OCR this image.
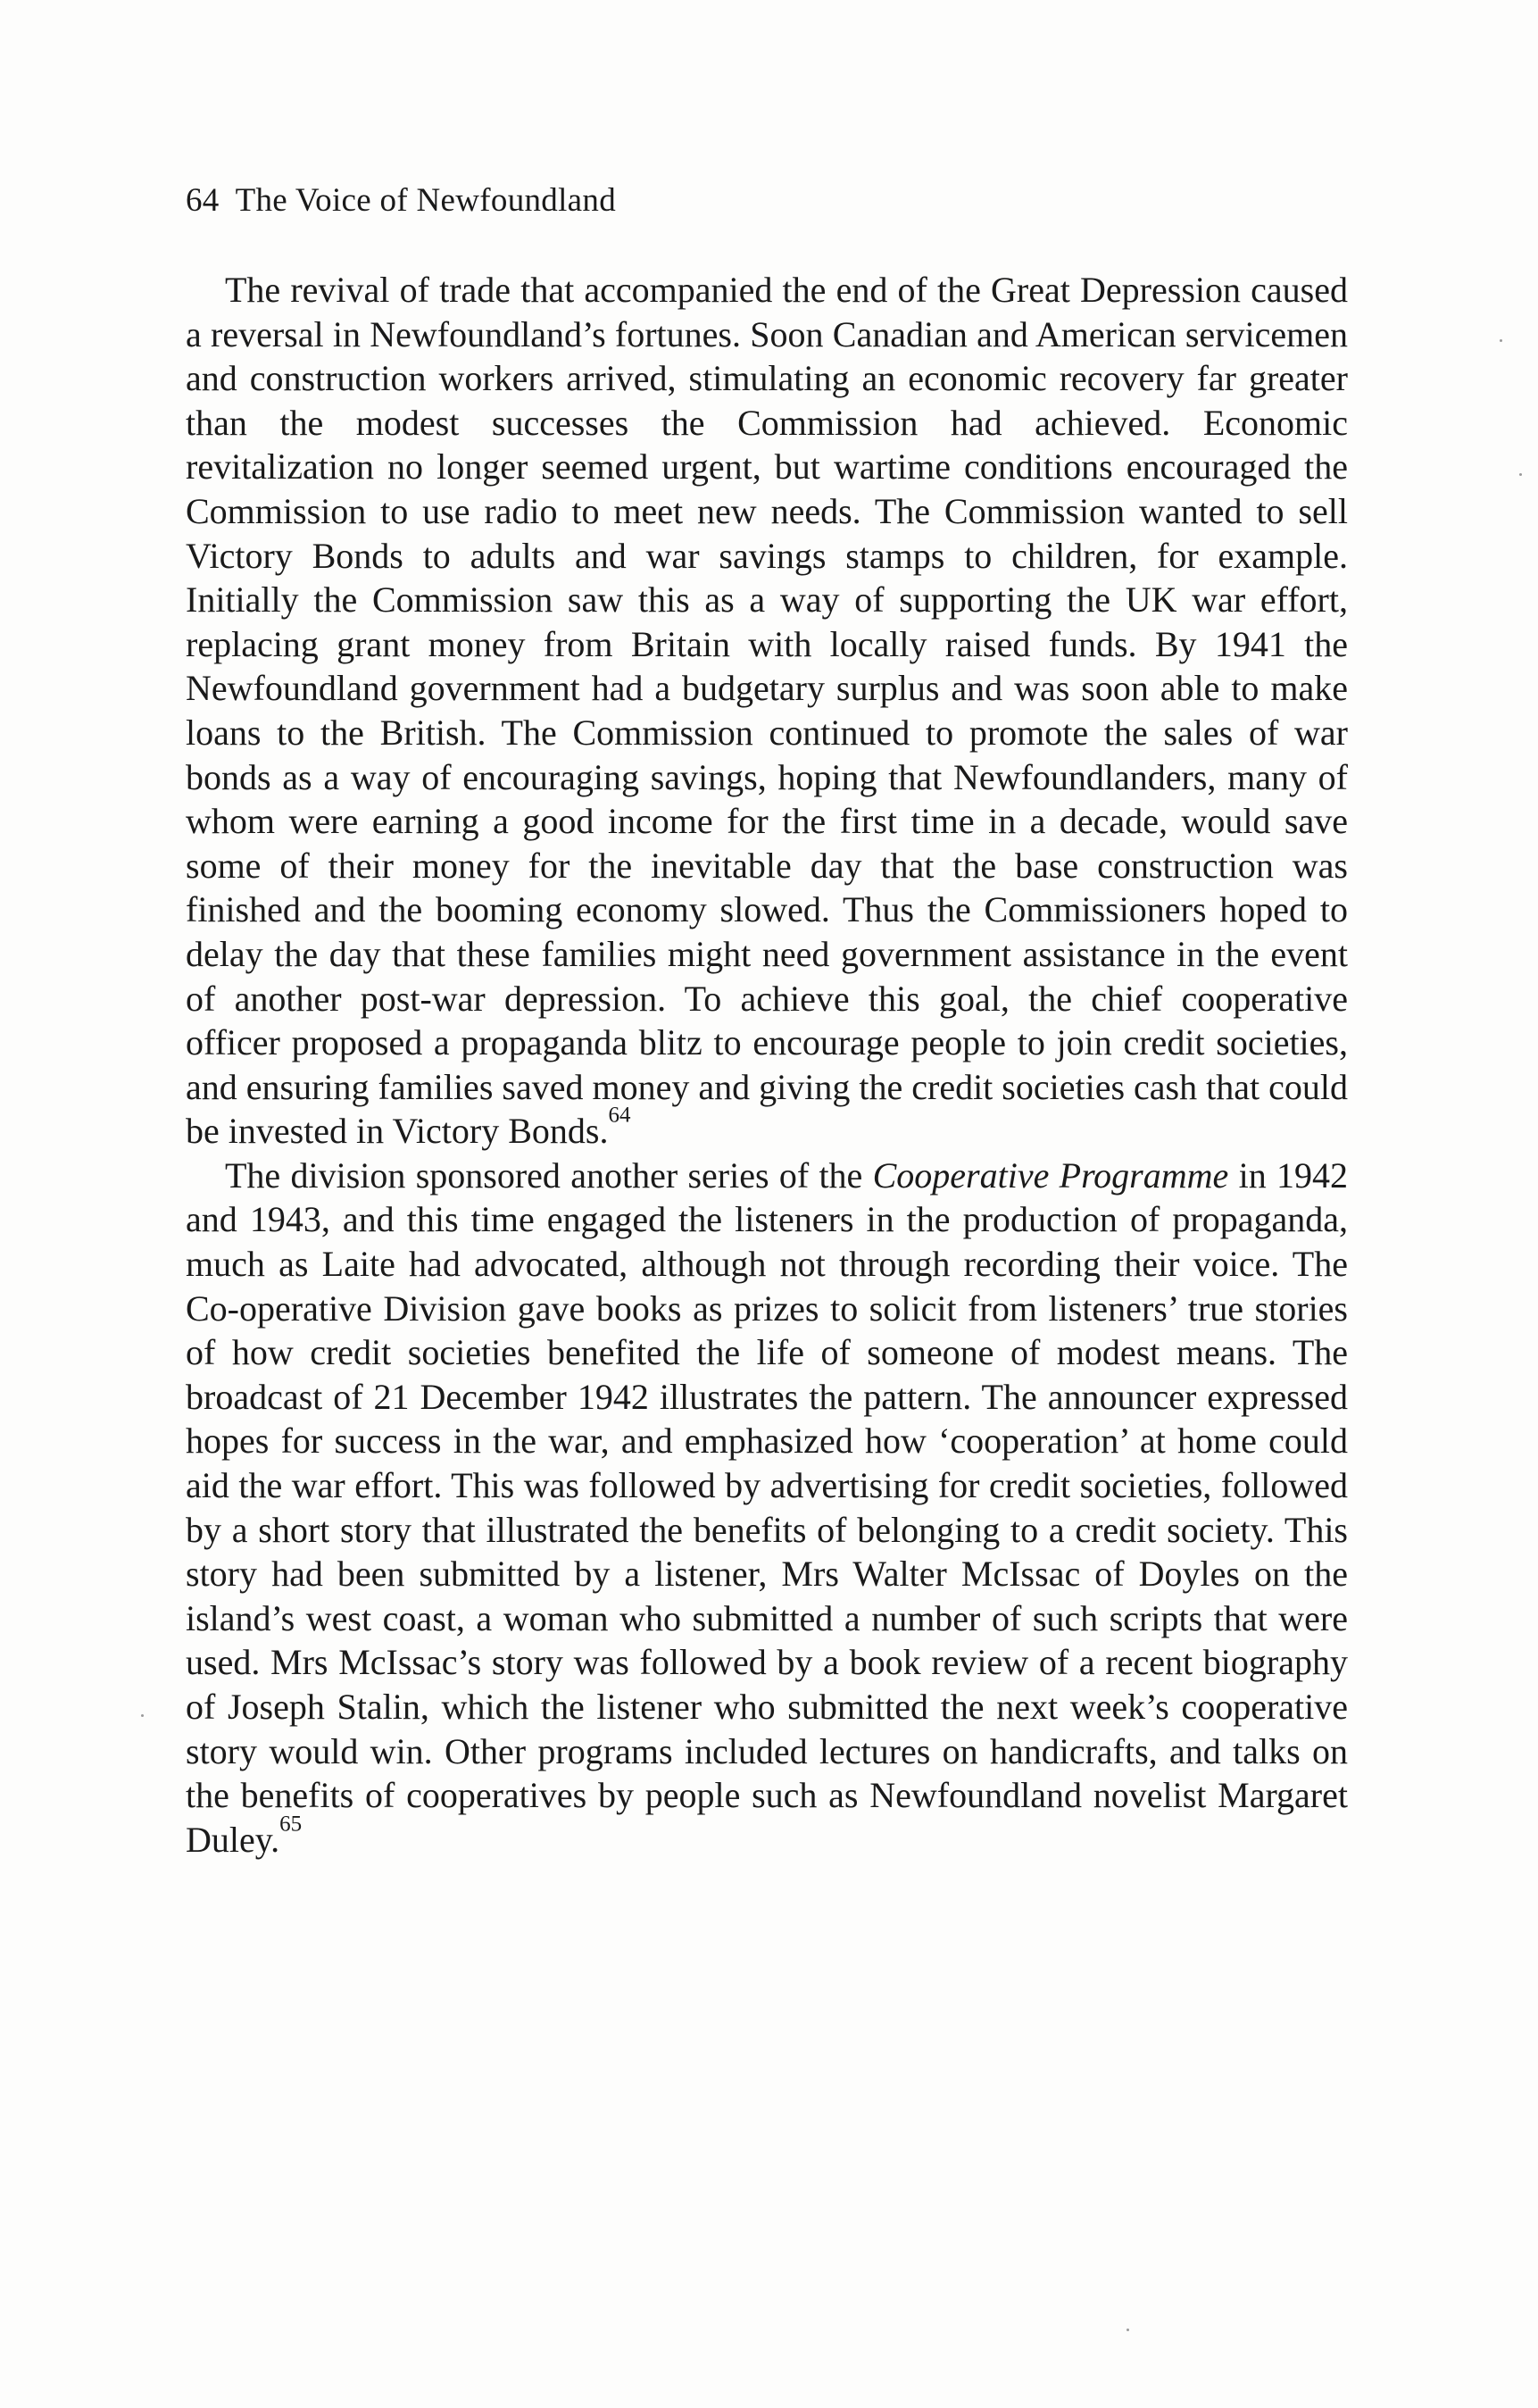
64 The Voice of Newfoundland

The revival of trade that accompanied the end of the Great Depression caused a reversal in Newfoundland’s fortunes. Soon Canadian and American servicemen and construction workers arrived, stimulating an economic recovery far greater than the modest successes the Commission had achieved. Economic revitalization no longer seemed urgent, but wartime conditions encouraged the Commission to use radio to meet new needs. The Commission wanted to sell Victory Bonds to adults and war savings stamps to children, for example. Initially the Commission saw this as a way of supporting the UK war effort, replacing grant money from Britain with locally raised funds. By 1941 the Newfoundland government had a budgetary surplus and was soon able to make loans to the British. The Commission continued to promote the sales of war bonds as a way of encouraging savings, hoping that Newfoundlanders, many of whom were earning a good income for the first time in a decade, would save some of their money for the inevitable day that the base construction was finished and the booming economy slowed. Thus the Commissioners hoped to delay the day that these families might need government assistance in the event of another post-war depression. To achieve this goal, the chief cooperative officer proposed a propaganda blitz to encourage people to join credit societies, and ensuring families saved money and giving the credit societies cash that could be invested in Victory Bonds.$^{64}$

The division sponsored another series of the Cooperative Programme in 1942 and 1943, and this time engaged the listeners in the production of propaganda, much as Laite had advocated, although not through recording their voice. The Co-operative Division gave books as prizes to solicit from listeners’ true stories of how credit societies benefited the life of someone of modest means. The broadcast of 21 December 1942 illustrates the pattern. The announcer expressed hopes for success in the war, and emphasized how ‘cooperation’ at home could aid the war effort. This was followed by advertising for credit societies, followed by a short story that illustrated the benefits of belonging to a credit society. This story had been submitted by a listener, Mrs Walter McIssac of Doyles on the island’s west coast, a woman who submitted a number of such scripts that were used. Mrs McIssac’s story was followed by a book review of a recent biography of Joseph Stalin, which the listener who submitted the next week’s cooperative story would win. Other programs included lectures on handicrafts, and talks on the benefits of cooperatives by people such as Newfoundland novelist Margaret Duley.$^{65}$
